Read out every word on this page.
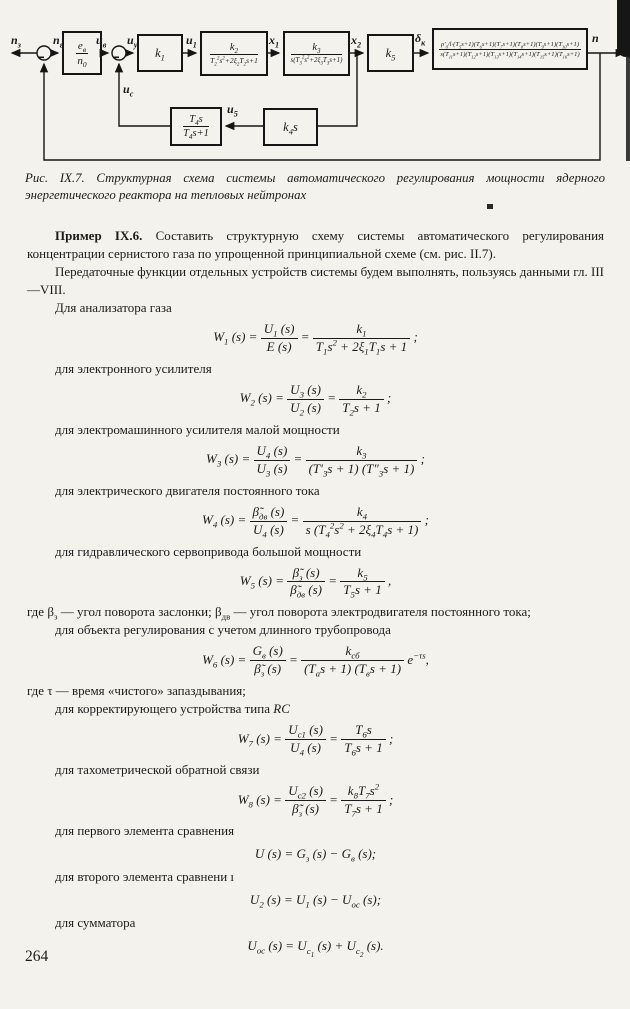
$e_в$
$n_0$
$k_1$
$k_2$
$T_2^2s^2+2\xi_2T_2s+1$
$k_3$
$s(T_3^2s^2+2\xi_3T_3s+1)$
$k_5$
$\rho'_0/l\cdot(T_5s+1)(T_6s+1)(T_7s+1)(T_8s+1)(T_9s+1)(T_{10}s+1)$
$s(T_{11}s+1)(T_{12}s+1)(T_{13}s+1)(T_{14}s+1)(T_{15}s+1)(T_{16}s+1)$
$T_4s$
$T_4s+1$	$k_4s$
$n_з$	$n_\varepsilon$	$u_в$ $u_у$	$u_1$	$x_1$	$x_2$	$\delta_к$	n
$u_c$
$u_5$
Рис. IX.7. Структурная схема системы автоматического регулирования мощности ядерного энергетического реактора на тепловых нейтронах

Пример IX.6. Составить структурную схему системы автоматического регулирования концентрации сернистого газа по упрощенной принципиальной схеме (см. рис. II.7).

Передаточные функции отдельных устройств системы будем выполнять, пользуясь данными гл. III—VIII.

Для анализатора газа

$W_1$ $(s) = \frac{U_1 (s)}{E (s)} = \frac{k_1}{T_1s^2 + 2\xi_1T_1s + 1}$ ;

для электронного усилителя

$W_2$ $(s) = \frac{U_3 (s)}{U_2 (s)} = \frac{k_2}{T_2s + 1}$ ;

для электромашинного усилителя малой мощности

$W_3$ $(s) = \frac{U_4 (s)}{U_3 (s)} = \frac{k_3}{(T'_3s + 1) (T''_3s + 1)}$ ;

для электрического двигателя постоянного тока

$W_4$ (s) =
$\betã_{дв}$ (s)
$U_4$ (s)
= $\frac{k_4}{s (T_4^2s^2 + 2\xi_4T_4s + 1)}$ ;

для гидравлического сервопривода большой мощности

$W_5$ (s) =
$\betã_з$ (s)
$\betã_{дв}$ (s)
= $\frac{k_5}{T_5s + 1}$ ,

где $\beta_з$ — угол поворота заслонки; $\beta_{дв}$ — угол поворота электродвигателя постоянного тока;

для объекта регулирования с учетом длинного трубопровода

$W_6$ (s) =
$G_в$ (s)
$\betã_з$ (s)
=
$k_{сб}$
$(T_аs + 1) (T_вs + 1)$
$e^{-\tau s}$,

где τ — время «чистого» запаздывания;

для корректирующего устройства типа RC

$W_7$ $(s) = \frac{U_{c1} (s)}{U_4 (s)} = \frac{T_6s}{T_6s + 1}$ ;

для тахометрической обратной связи

$W_8$ (s) =
$U_{c2}$ (s)
$\betã_з$ (s)
= $\frac{k_8T_7s^2}{T_7s + 1}$ ;

для первого элемента сравнения

U $(s) = G_з$ $(s) - G_в$ (s);

для второго элемента сравнени ı

$U_2$ $(s) = U_1$ $(s) - U_{ос}$ (s);

для сумматора

$U_{ос}$ $(s) = U_{c_1}$ $(s) + U_{c_2}$ (s).
264
